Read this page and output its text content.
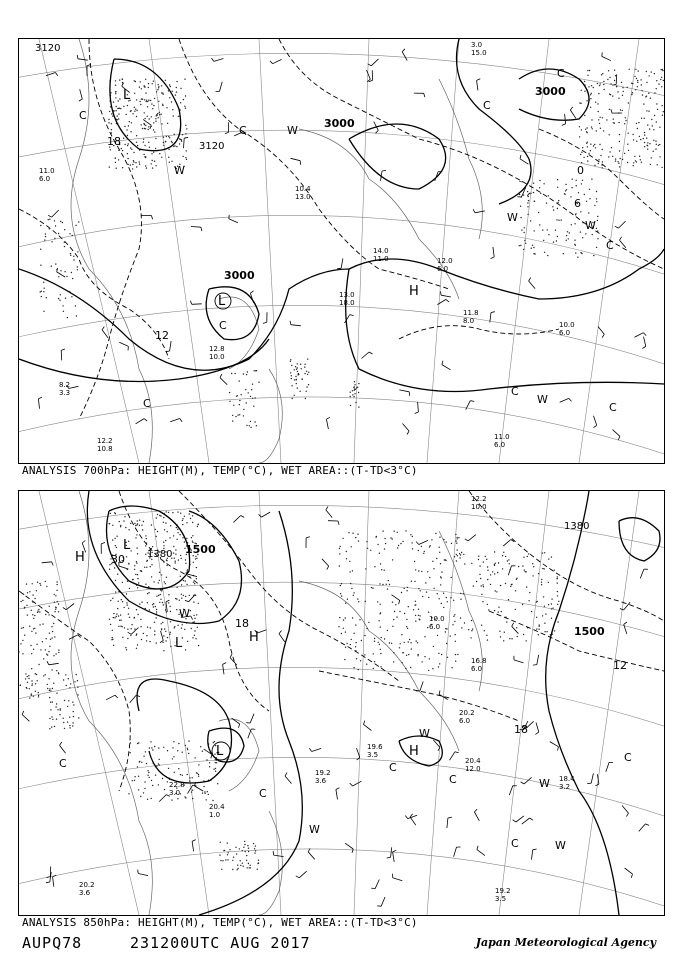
3120
3000
3000
3000
3120
L
L
H
C
C
W
C
C
W
C
W
C
C
W
C
C	W
18
12
0
6
11.0
6.0
13.0
18.0
14.0
11.0
11.8
8.0	10.0
6.0
11.0
6.0
12.8
10.0
10.4
13.0
12.0
6.0
3.0
15.0
12.2
10.8
8.2
3.3
ANALYSIS 700hPa: HEIGHT(M), TEMP(°C), WET AREA::(T-TD<3°C)
1500
1500
1380
1380
H
L
H
L
L
H
W
C	C
W
C
W
C	W
C
W
C
30
18
18
12
19.2
3.5
18.4
3.2
20.4
12.0
19.6
3.5
19.2
3.6
20.4
1.0
20.2
6.0
16.8
6.0
10.0
6.0
22.8
3.0
12.2
10.0
20.2
3.6
ANALYSIS 850hPa: HEIGHT(M), TEMP(°C), WET AREA::(T-TD<3°C)
AUPQ78	231200UTC AUG 2017	Japan Meteorological Agency
